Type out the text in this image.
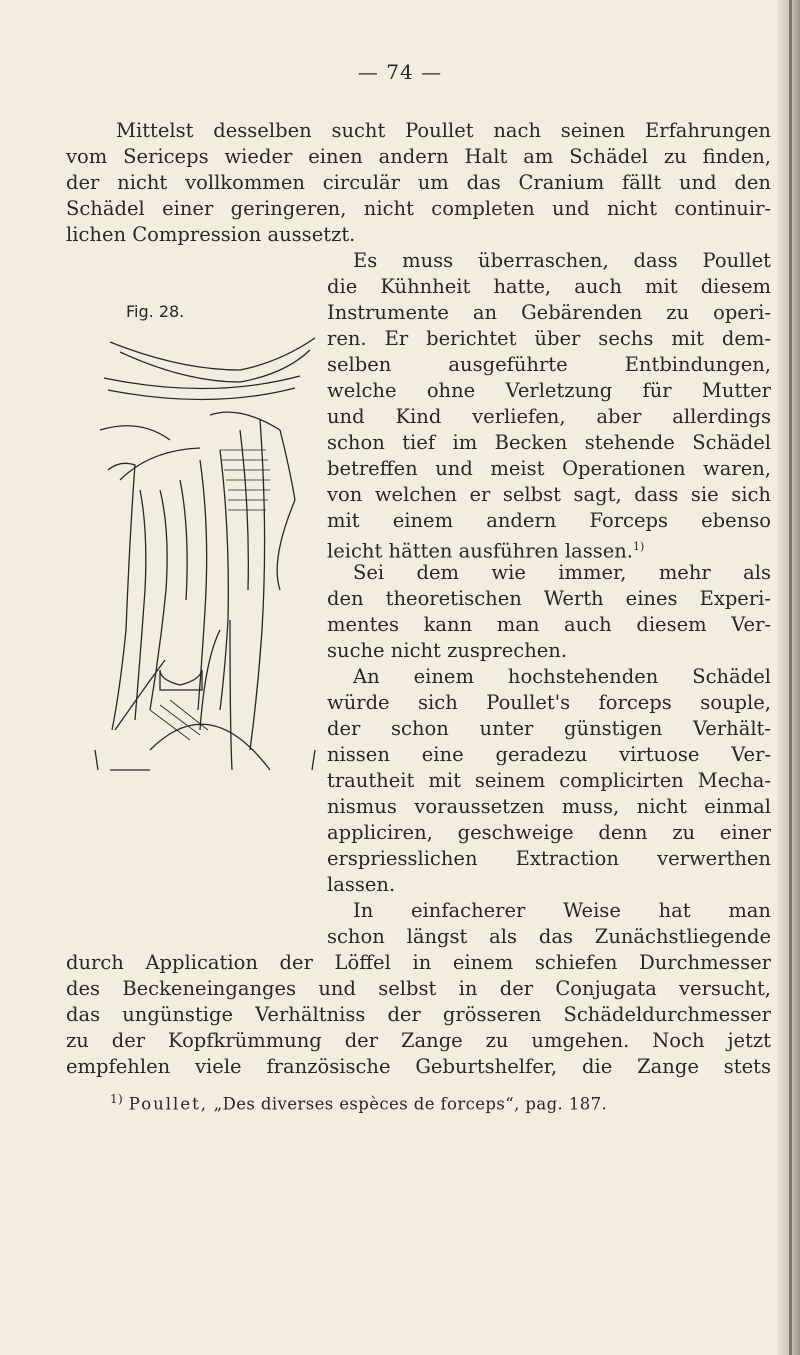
— 74 —
Mittelst desselben sucht Poullet nach seinen Erfahrungen
vom Sericeps wieder einen andern Halt am Schädel zu finden,
der nicht vollkommen circulär um das Cranium fällt und den
Schädel einer geringeren, nicht completen und nicht continuir-
lichen Compression aussetzt.
Fig. 28.
Es muss überraschen, dass Poullet
die Kühnheit hatte, auch mit diesem
Instrumente an Gebärenden zu operi-
ren. Er berichtet über sechs mit dem-
selben ausgeführte Entbindungen,
welche ohne Verletzung für Mutter
und Kind verliefen, aber allerdings
schon tief im Becken stehende Schädel
betreffen und meist Operationen waren,
von welchen er selbst sagt, dass sie sich
mit einem andern Forceps ebenso
leicht hätten ausführen lassen.$^{1)}$
Sei dem wie immer, mehr als
den theoretischen Werth eines Experi-
mentes kann man auch diesem Ver-
suche nicht zusprechen.
An einem hochstehenden Schädel
würde sich Poullet's forceps souple,
der schon unter günstigen Verhält-
nissen eine geradezu virtuose Ver-
trautheit mit seinem complicirten Mecha-
nismus voraussetzen muss, nicht einmal
appliciren, geschweige denn zu einer
erspriesslichen Extraction verwerthen
lassen.
In einfacherer Weise hat man
schon längst als das Zunächstliegende
durch Application der Löffel in einem schiefen Durchmesser
des Beckeneinganges und selbst in der Conjugata versucht,
das ungünstige Verhältniss der grösseren Schädeldurchmesser
zu der Kopfkrümmung der Zange zu umgehen. Noch jetzt
empfehlen viele französische Geburtshelfer, die Zange stets
$^{1)}$ Poullet, „Des diverses espèces de forceps“, pag. 187.
